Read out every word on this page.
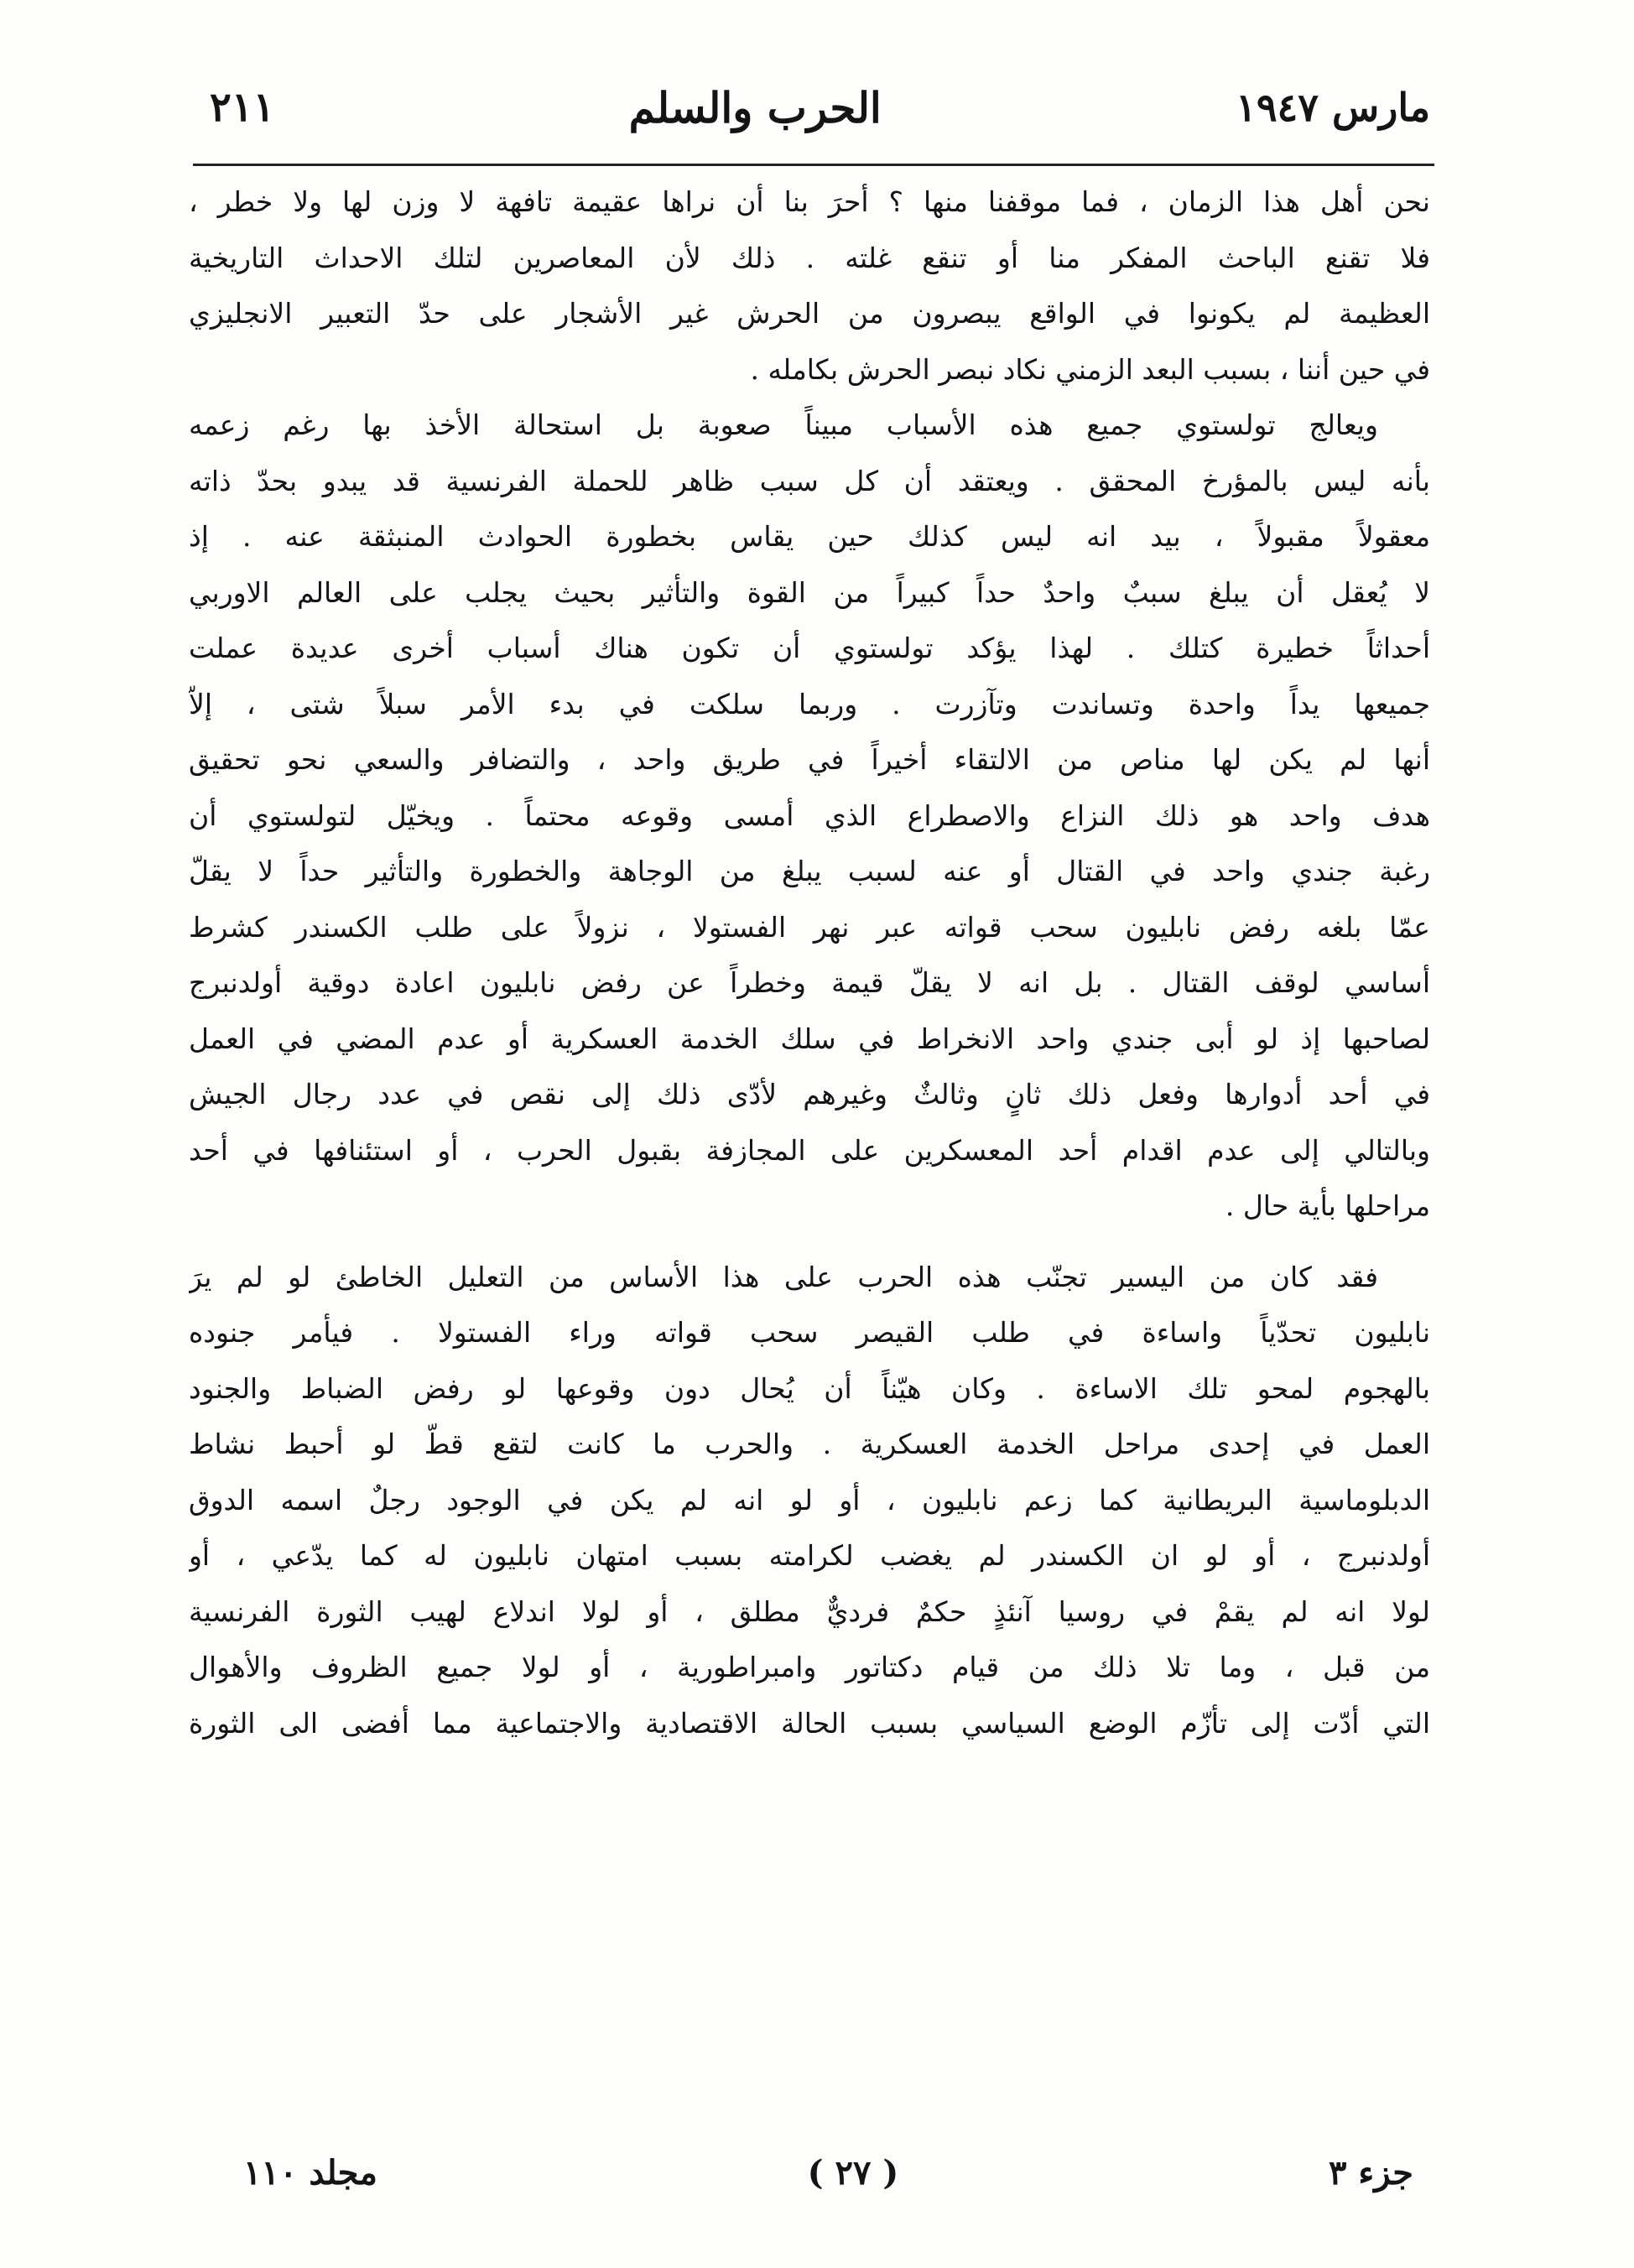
مارس ١٩٤٧
الحرب والسلم
٢١١
نحن أهل هذا الزمان ، فما موقفنا منها ؟ أحرَ بنا أن نراها عقيمة تافهة لا وزن لها ولا خطر ،
فلا تقنع الباحث المفكر منا أو تنقع غلته . ذلك لأن المعاصرين لتلك الاحداث التاريخية
العظيمة لم يكونوا في الواقع يبصرون من الحرش غير الأشجار على حدّ التعبير الانجليزي
في حين أننا ، بسبب البعد الزمني نكاد نبصر الحرش بكامله .
ويعالج تولستوي جميع هذه الأسباب مبيناً صعوبة بل استحالة الأخذ بها رغم زعمه
بأنه ليس بالمؤرخ المحقق . ويعتقد أن كل سبب ظاهر للحملة الفرنسية قد يبدو بحدّ ذاته
معقولاً مقبولاً ، بيد انه ليس كذلك حين يقاس بخطورة الحوادث المنبثقة عنه . إذ
لا يُعقل أن يبلغ سببٌ واحدٌ حداً كبيراً من القوة والتأثير بحيث يجلب على العالم الاوربي
أحداثاً خطيرة كتلك . لهذا يؤكد تولستوي أن تكون هناك أسباب أخرى عديدة عملت
جميعها يداً واحدة وتساندت وتآزرت . وربما سلكت في بدء الأمر سبلاً شتى ، إلاّ
أنها لم يكن لها مناص من الالتقاء أخيراً في طريق واحد ، والتضافر والسعي نحو تحقيق
هدف واحد هو ذلك النزاع والاصطراع الذي أمسى وقوعه محتماً . ويخيّل لتولستوي أن
رغبة جندي واحد في القتال أو عنه لسبب يبلغ من الوجاهة والخطورة والتأثير حداً لا يقلّ
عمّا بلغه رفض نابليون سحب قواته عبر نهر الفستولا ، نزولاً على طلب الكسندر كشرط
أساسي لوقف القتال . بل انه لا يقلّ قيمة وخطراً عن رفض نابليون اعادة دوقية أولدنبرج
لصاحبها إذ لو أبى جندي واحد الانخراط في سلك الخدمة العسكرية أو عدم المضي في العمل
في أحد أدوارها وفعل ذلك ثانٍ وثالثٌ وغيرهم لأدّى ذلك إلى نقص في عدد رجال الجيش
وبالتالي إلى عدم اقدام أحد المعسكرين على المجازفة بقبول الحرب ، أو استئنافها في أحد
مراحلها بأية حال .
فقد كان من اليسير تجنّب هذه الحرب على هذا الأساس من التعليل الخاطئ لو لم يرَ
نابليون تحدّياً واساءة في طلب القيصر سحب قواته وراء الفستولا . فيأمر جنوده
بالهجوم لمحو تلك الاساءة . وكان هيّناً أن يُحال دون وقوعها لو رفض الضباط والجنود
العمل في إحدى مراحل الخدمة العسكرية . والحرب ما كانت لتقع قطّ لو أحبط نشاط
الدبلوماسية البريطانية كما زعم نابليون ، أو لو انه لم يكن في الوجود رجلٌ اسمه الدوق
أولدنبرج ، أو لو ان الكسندر لم يغضب لكرامته بسبب امتهان نابليون له كما يدّعي ، أو
لولا انه لم يقمْ في روسيا آنئذٍ حكمٌ فرديٌّ مطلق ، أو لولا اندلاع لهيب الثورة الفرنسية
من قبل ، وما تلا ذلك من قيام دكتاتور وامبراطورية ، أو لولا جميع الظروف والأهوال
التي أدّت إلى تأزّم الوضع السياسي بسبب الحالة الاقتصادية والاجتماعية مما أفضى الى الثورة
جزء ٣
( ٢٧ )
مجلد ١١٠
